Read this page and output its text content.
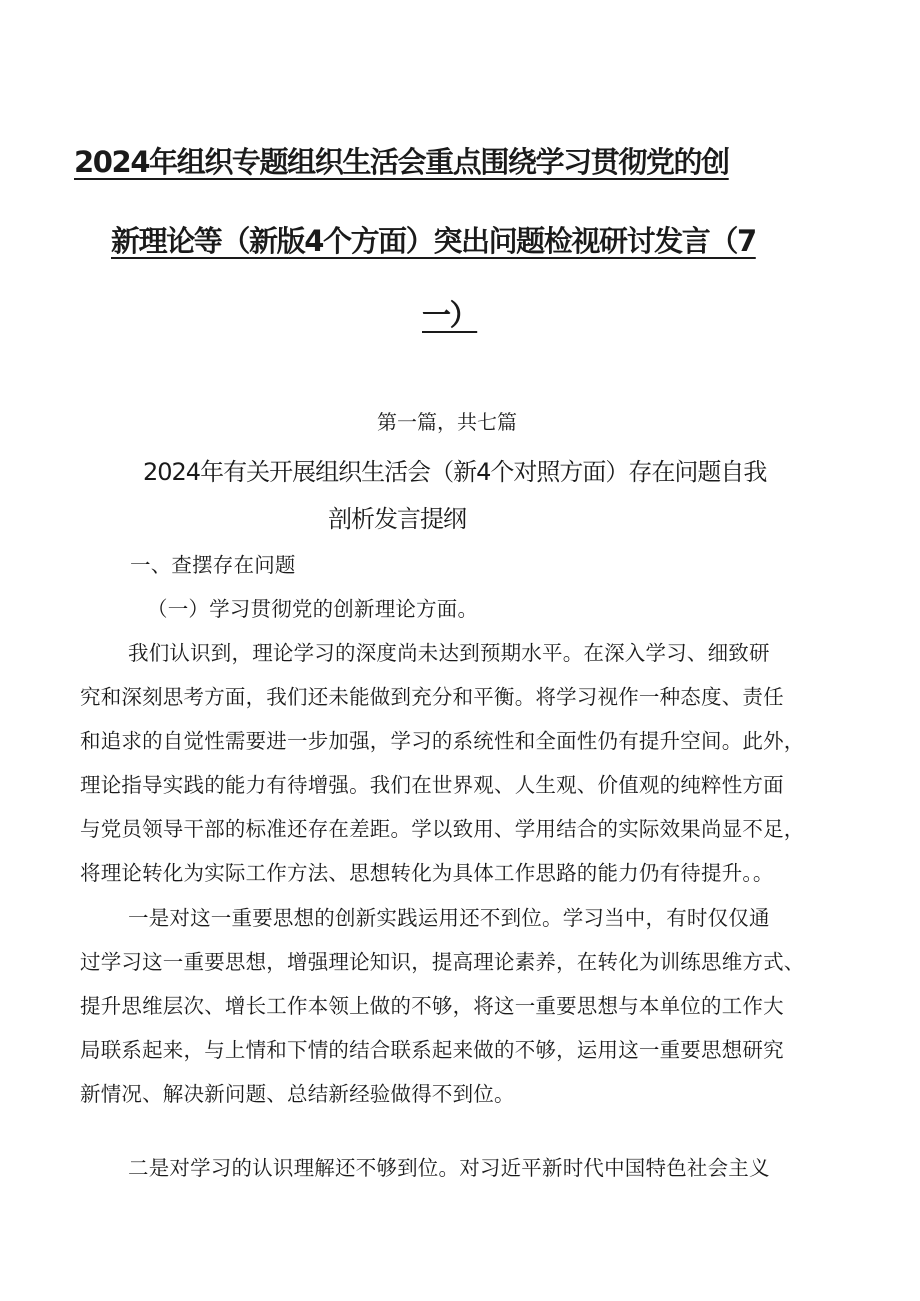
2024年组织专题组织生活会重点围绕学习贯彻党的创
新理论等（新版4个方面）突出问题检视研讨发言（7
一）
第一篇，共七篇
2024年有关开展组织生活会（新4个对照方面）存在问题自我
剖析发言提纲
一、查摆存在问题
（一）学习贯彻党的创新理论方面。
我们认识到，理论学习的深度尚未达到预期水平。在深入学习、细致研
究和深刻思考方面，我们还未能做到充分和平衡。将学习视作一种态度、责任
和追求的自觉性需要进一步加强，学习的系统性和全面性仍有提升空间。此外，
理论指导实践的能力有待增强。我们在世界观、人生观、价值观的纯粹性方面
与党员领导干部的标准还存在差距。学以致用、学用结合的实际效果尚显不足，
将理论转化为实际工作方法、思想转化为具体工作思路的能力仍有待提升。。
一是对这一重要思想的创新实践运用还不到位。学习当中，有时仅仅通
过学习这一重要思想，增强理论知识，提高理论素养，在转化为训练思维方式、
提升思维层次、增长工作本领上做的不够，将这一重要思想与本单位的工作大
局联系起来，与上情和下情的结合联系起来做的不够，运用这一重要思想研究
新情况、解决新问题、总结新经验做得不到位。
二是对学习的认识理解还不够到位。对习近平新时代中国特色社会主义
